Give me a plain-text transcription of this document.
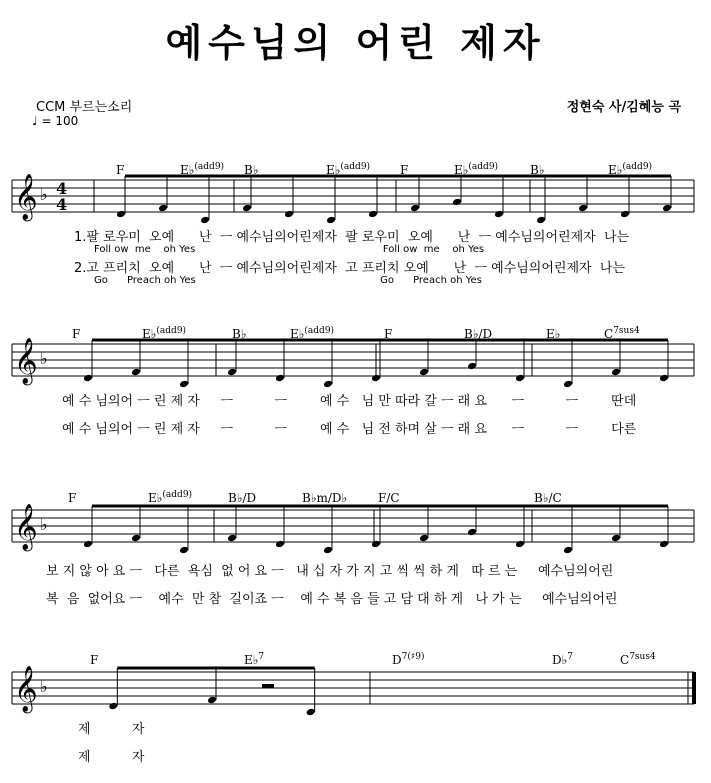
예수님의 어린 제자
CCM 부르는소리	정현숙 사/김혜능 곡
♩ = 100
𝄞 ♭ 4
4
F	E♭$^{(add9)}$ B♭	E♭$^{(add9)}$ F	E♭$^{(add9)}$	B♭	E♭$^{(add9)}$
1.팔 로우미  오예      난  ㅡ 예수님의어린제자  팔 로우미  오예      난  ㅡ 예수님의어린제자  나는
Foll ow  me    oh Yes                                                           Foll ow  me    oh Yes
2.고 프리치  오예      난  ㅡ 예수님의어린제자  고 프리치 오예      난  ㅡ 예수님의어린제자  나는
Go      Preach oh Yes                                                          Go      Preach oh Yes
𝄞 ♭
F	E♭$^{(add9)}$	B♭	E♭$^{(add9)}$	F	B♭/D	E♭	$C^{7sus4}$
예 수 님의어 ㅡ 린 제 자     ㅡ          ㅡ        예 수   님 만 따라 갈 ㅡ 래 요      ㅡ          ㅡ        딴데
예 수 님의어 ㅡ 린 제 자     ㅡ          ㅡ        예 수   님 전 하며 살 ㅡ 래 요      ㅡ          ㅡ        다른
𝄞 ♭
F	E♭$^{(add9)}$	B♭/D	B♭m/D♭	F/C	B♭/C
보 지 않 아 요 ㅡ   다른  욕심  없 어 요 ㅡ   내 십 자 가 지 고 씩 씩 하 게   따 르 는     예수님의어린
복  음  없어요 ㅡ    예수  만 참  길이죠 ㅡ    예 수 복 음 들 고 담 대 하 게   나 가 는     예수님의어린
𝄞 ♭
F	E♭$^7$	$D^{7(♯9)}$	D♭$^7$	$C^{7sus4}$
제          자
제          자
